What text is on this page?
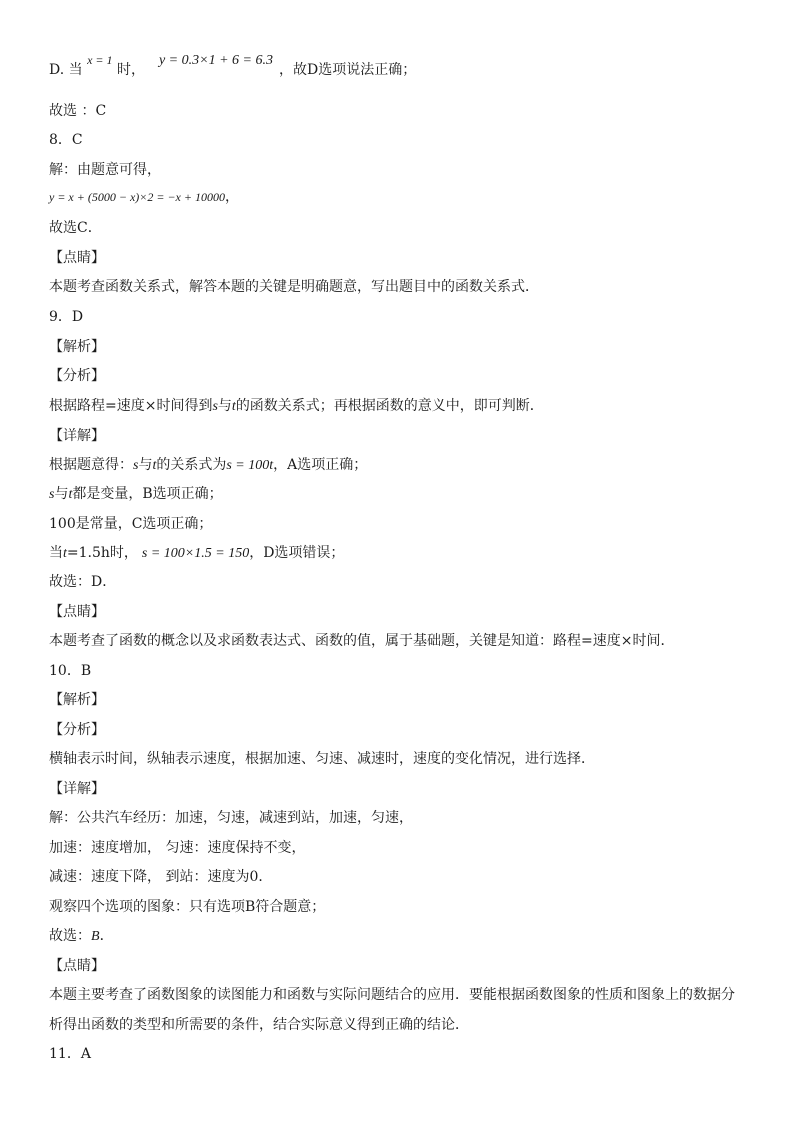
D. 当 x = 1 时，y = 0.3×1 + 6 = 6.3，故D选项说法正确；
故选 ：C
8．C
解：由题意可得，
y = x + (5000 − x)×2 = −x + 10000，
故选C．
【点睛】
本题考查函数关系式，解答本题的关键是明确题意，写出题目中的函数关系式．
9．D
【解析】
【分析】
根据路程=速度×时间得到s与t的函数关系式；再根据函数的意义中，即可判断．
【详解】
根据题意得：s与t的关系式为s = 100t，A选项正确；
s与t都是变量，B选项正确；
100是常量，C选项正确；
当t=1.5h时， s = 100×1.5 = 150，D选项错误；
故选：D．
【点睛】
本题考查了函数的概念以及求函数表达式、函数的值，属于基础题，关键是知道：路程=速度×时间．
10．B
【解析】
【分析】
横轴表示时间，纵轴表示速度，根据加速、匀速、减速时，速度的变化情况，进行选择．
【详解】
解：公共汽车经历：加速，匀速，减速到站，加速，匀速，
加速：速度增加， 匀速：速度保持不变，
减速：速度下降， 到站：速度为0．
观察四个选项的图象：只有选项B符合题意；
故选：B．
【点睛】
本题主要考查了函数图象的读图能力和函数与实际问题结合的应用．要能根据函数图象的性质和图象上的数据分
析得出函数的类型和所需要的条件，结合实际意义得到正确的结论．
11．A
